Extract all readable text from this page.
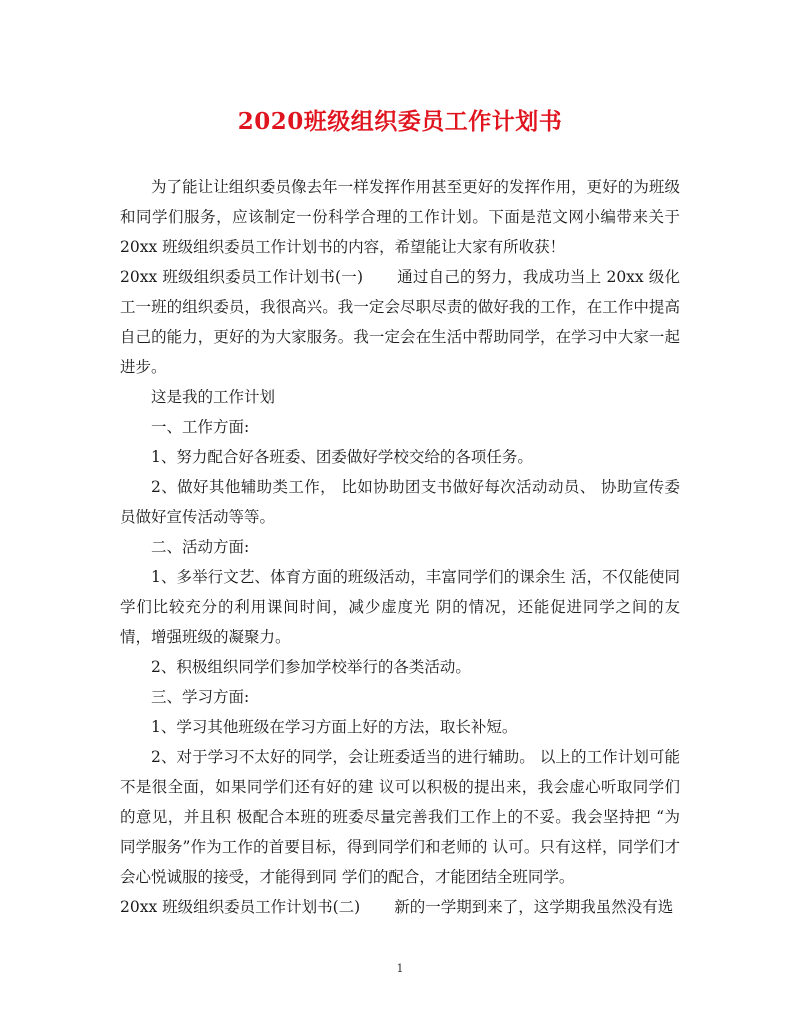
2020班级组织委员工作计划书

为了能让让组织委员像去年一样发挥作用甚至更好的发挥作用，更好的为班级和同学们服务，应该制定一份科学合理的工作计划。下面是范文网小编带来关于 20xx 班级组织委员工作计划书的内容，希望能让大家有所收获！

20xx 班级组织委员工作计划书(一) 通过自己的努力，我成功当上 20xx 级化工一班的组织委员，我很高兴。我一定会尽职尽责的做好我的工作，在工作中提高自己的能力，更好的为大家服务。我一定会在生活中帮助同学，在学习中大家一起进步。

这是我的工作计划

一、工作方面:

1、努力配合好各班委、团委做好学校交给的各项任务。

2、做好其他辅助类工作， 比如协助团支书做好每次活动动员、 协助宣传委员做好宣传活动等等。

二、活动方面:

1、多举行文艺、体育方面的班级活动，丰富同学们的课余生 活，不仅能使同学们比较充分的利用课间时间，减少虚度光 阴的情况，还能促进同学之间的友情，增强班级的凝聚力。

2、积极组织同学们参加学校举行的各类活动。

三、学习方面:

1、学习其他班级在学习方面上好的方法，取长补短。

2、对于学习不太好的同学，会让班委适当的进行辅助。 以上的工作计划可能不是很全面，如果同学们还有好的建 议可以积极的提出来，我会虚心听取同学们的意见，并且积 极配合本班的班委尽量完善我们工作上的不妥。我会坚持把 “为同学服务”作为工作的首要目标，得到同学们和老师的 认可。只有这样，同学们才会心悦诚服的接受，才能得到同 学们的配合，才能团结全班同学。

20xx 班级组织委员工作计划书(二) 新的一学期到来了，这学期我虽然没有选

1
